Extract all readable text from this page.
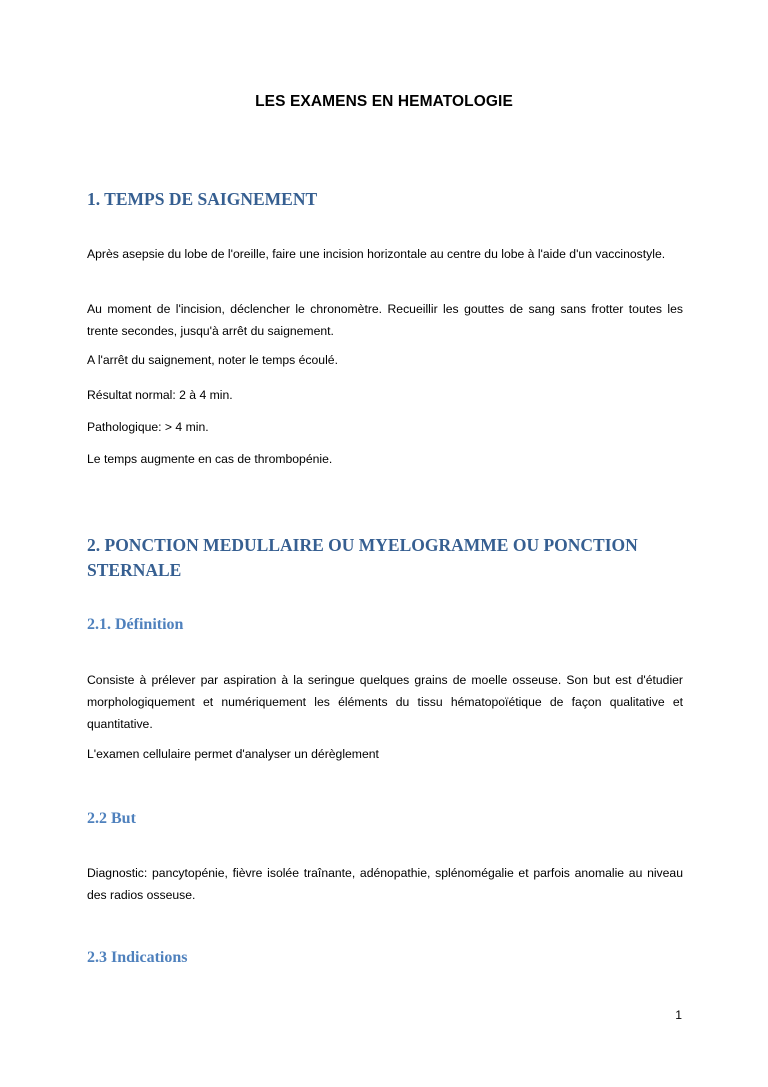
LES EXAMENS EN HEMATOLOGIE
1. TEMPS DE SAIGNEMENT
Après asepsie du lobe de l'oreille, faire une incision horizontale au centre du lobe à l'aide d'un vaccinostyle.
Au moment de l'incision, déclencher le chronomètre. Recueillir les gouttes de sang sans frotter toutes les trente secondes, jusqu'à arrêt du saignement.
A l'arrêt du saignement, noter le temps écoulé.
Résultat normal: 2 à 4 min.
Pathologique: > 4 min.
Le temps augmente en cas de thrombopénie.
2. PONCTION MEDULLAIRE OU MYELOGRAMME OU PONCTION STERNALE
2.1. Définition
Consiste à prélever par aspiration à la seringue quelques grains de moelle osseuse. Son but est d'étudier morphologiquement et numériquement les éléments du tissu hématopoïétique de façon qualitative et quantitative.
L'examen cellulaire permet d'analyser un dérèglement
2.2 But
Diagnostic: pancytopénie, fièvre isolée traînante, adénopathie, splénomégalie et parfois anomalie au niveau des radios osseuse.
2.3 Indications
1
